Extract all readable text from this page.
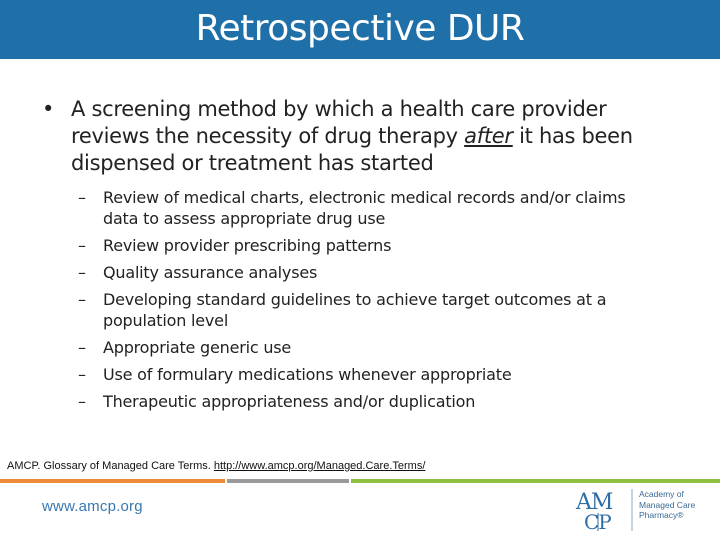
Retrospective DUR
• A screening method by which a health care provider reviews the necessity of drug therapy after it has been dispensed or treatment has started
– Review of medical charts, electronic medical records and/or claims data to assess appropriate drug use
– Review provider prescribing patterns
– Quality assurance analyses
– Developing standard guidelines to achieve target outcomes at a population level
– Appropriate generic use
– Use of formulary medications whenever appropriate
– Therapeutic appropriateness and/or duplication
AMCP. Glossary of Managed Care Terms. http://www.amcp.org/Managed.Care.Terms/
www.amcp.org	AM
CP
Academy of
Managed Care
Pharmacy®
